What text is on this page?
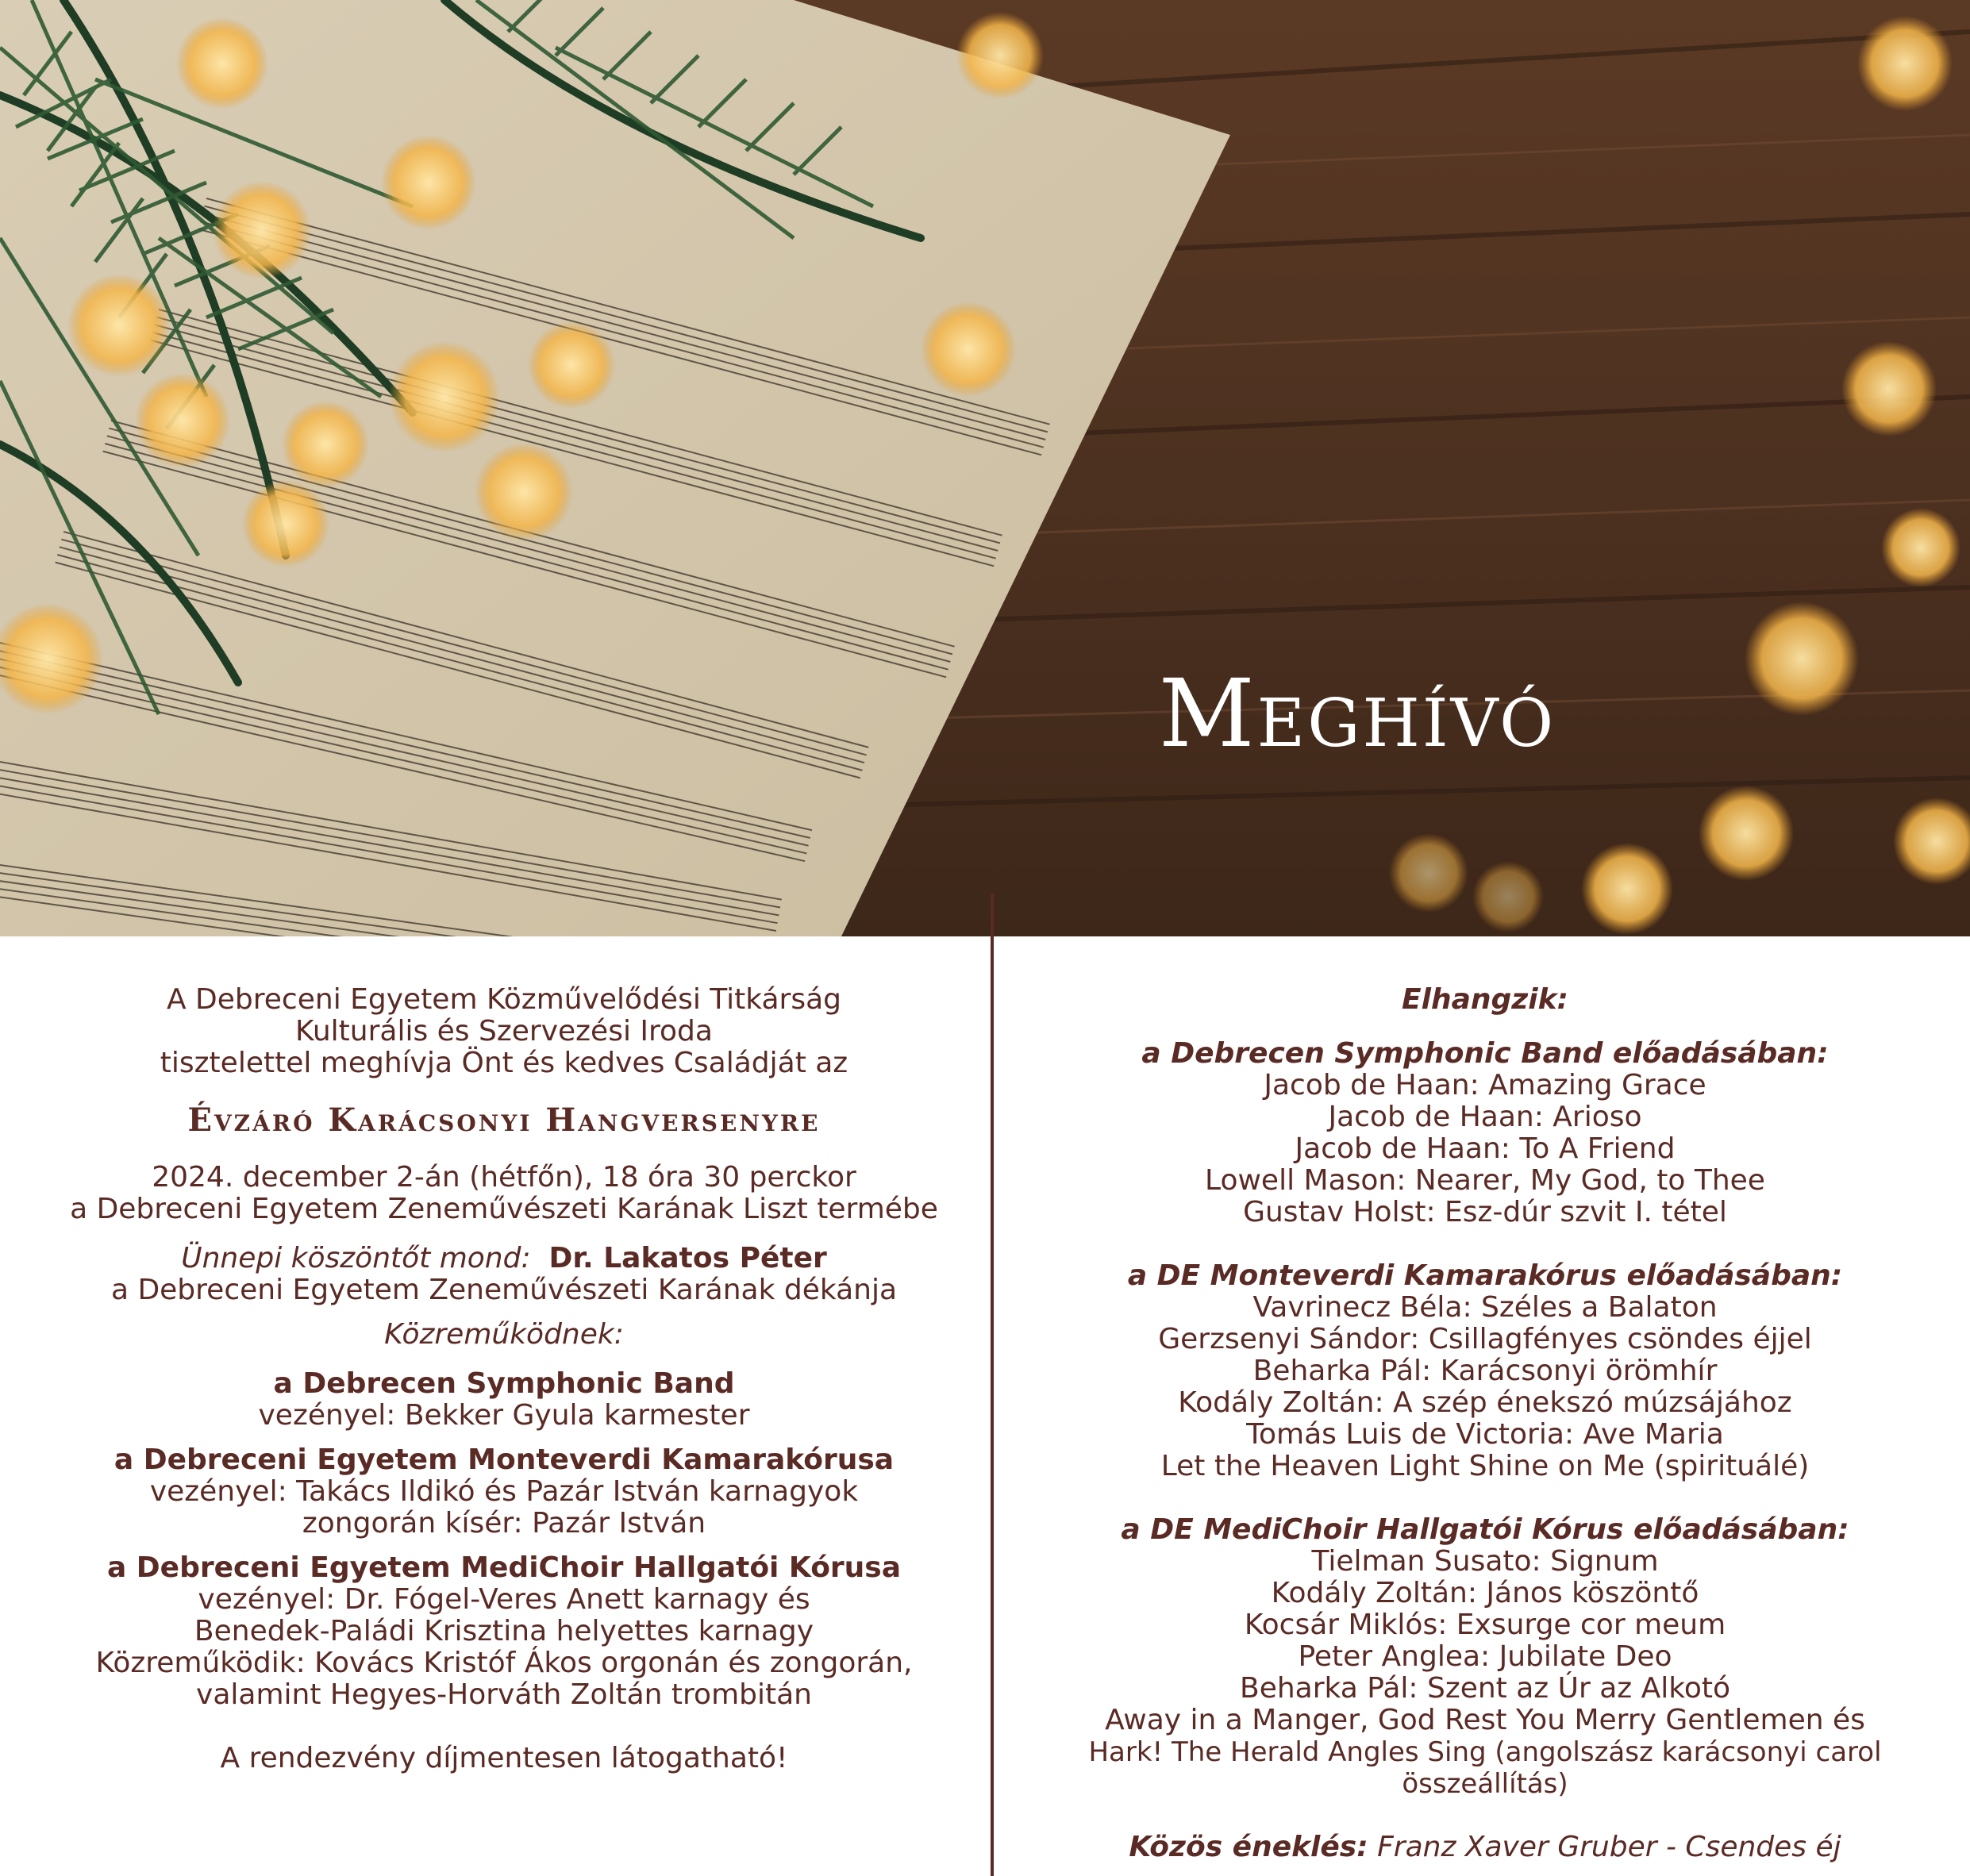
Meghívó

A Debreceni Egyetem Közművelődési Titkárság

Kulturális és Szervezési Iroda

tisztelettel meghívja Önt és kedves Családját az

Évzáró Karácsonyi Hangversenyre

2024. december 2-án (hétfőn), 18 óra 30 perckor

a Debreceni Egyetem Zeneművészeti Karának Liszt termébe

Ünnepi köszöntőt mond: Dr. Lakatos Péter

a Debreceni Egyetem Zeneművészeti Karának dékánja

Közreműködnek:

a Debrecen Symphonic Band

vezényel: Bekker Gyula karmester

a Debreceni Egyetem Monteverdi Kamarakórusa

vezényel: Takács Ildikó és Pazár István karnagyok

zongorán kísér: Pazár István

a Debreceni Egyetem MediChoir Hallgatói Kórusa

vezényel: Dr. Fógel-Veres Anett karnagy és

Benedek-Paládi Krisztina helyettes karnagy

Közreműködik: Kovács Kristóf Ákos orgonán és zongorán,

valamint Hegyes-Horváth Zoltán trombitán

A rendezvény díjmentesen látogatható!

Elhangzik:

a Debrecen Symphonic Band előadásában:

Jacob de Haan: Amazing Grace

Jacob de Haan: Arioso

Jacob de Haan: To A Friend

Lowell Mason: Nearer, My God, to Thee

Gustav Holst: Esz-dúr szvit I. tétel

a DE Monteverdi Kamarakórus előadásában:

Vavrinecz Béla: Széles a Balaton

Gerzsenyi Sándor: Csillagfényes csöndes éjjel

Beharka Pál: Karácsonyi örömhír

Kodály Zoltán: A szép énekszó múzsájához

Tomás Luis de Victoria: Ave Maria

Let the Heaven Light Shine on Me (spirituálé)

a DE MediChoir Hallgatói Kórus előadásában:

Tielman Susato: Signum

Kodály Zoltán: János köszöntő

Kocsár Miklós: Exsurge cor meum

Peter Anglea: Jubilate Deo

Beharka Pál: Szent az Úr az Alkotó

Away in a Manger, God Rest You Merry Gentlemen és

Hark! The Herald Angles Sing (angolszász karácsonyi carol összeállítás)

Közös éneklés: Franz Xaver Gruber - Csendes éj
